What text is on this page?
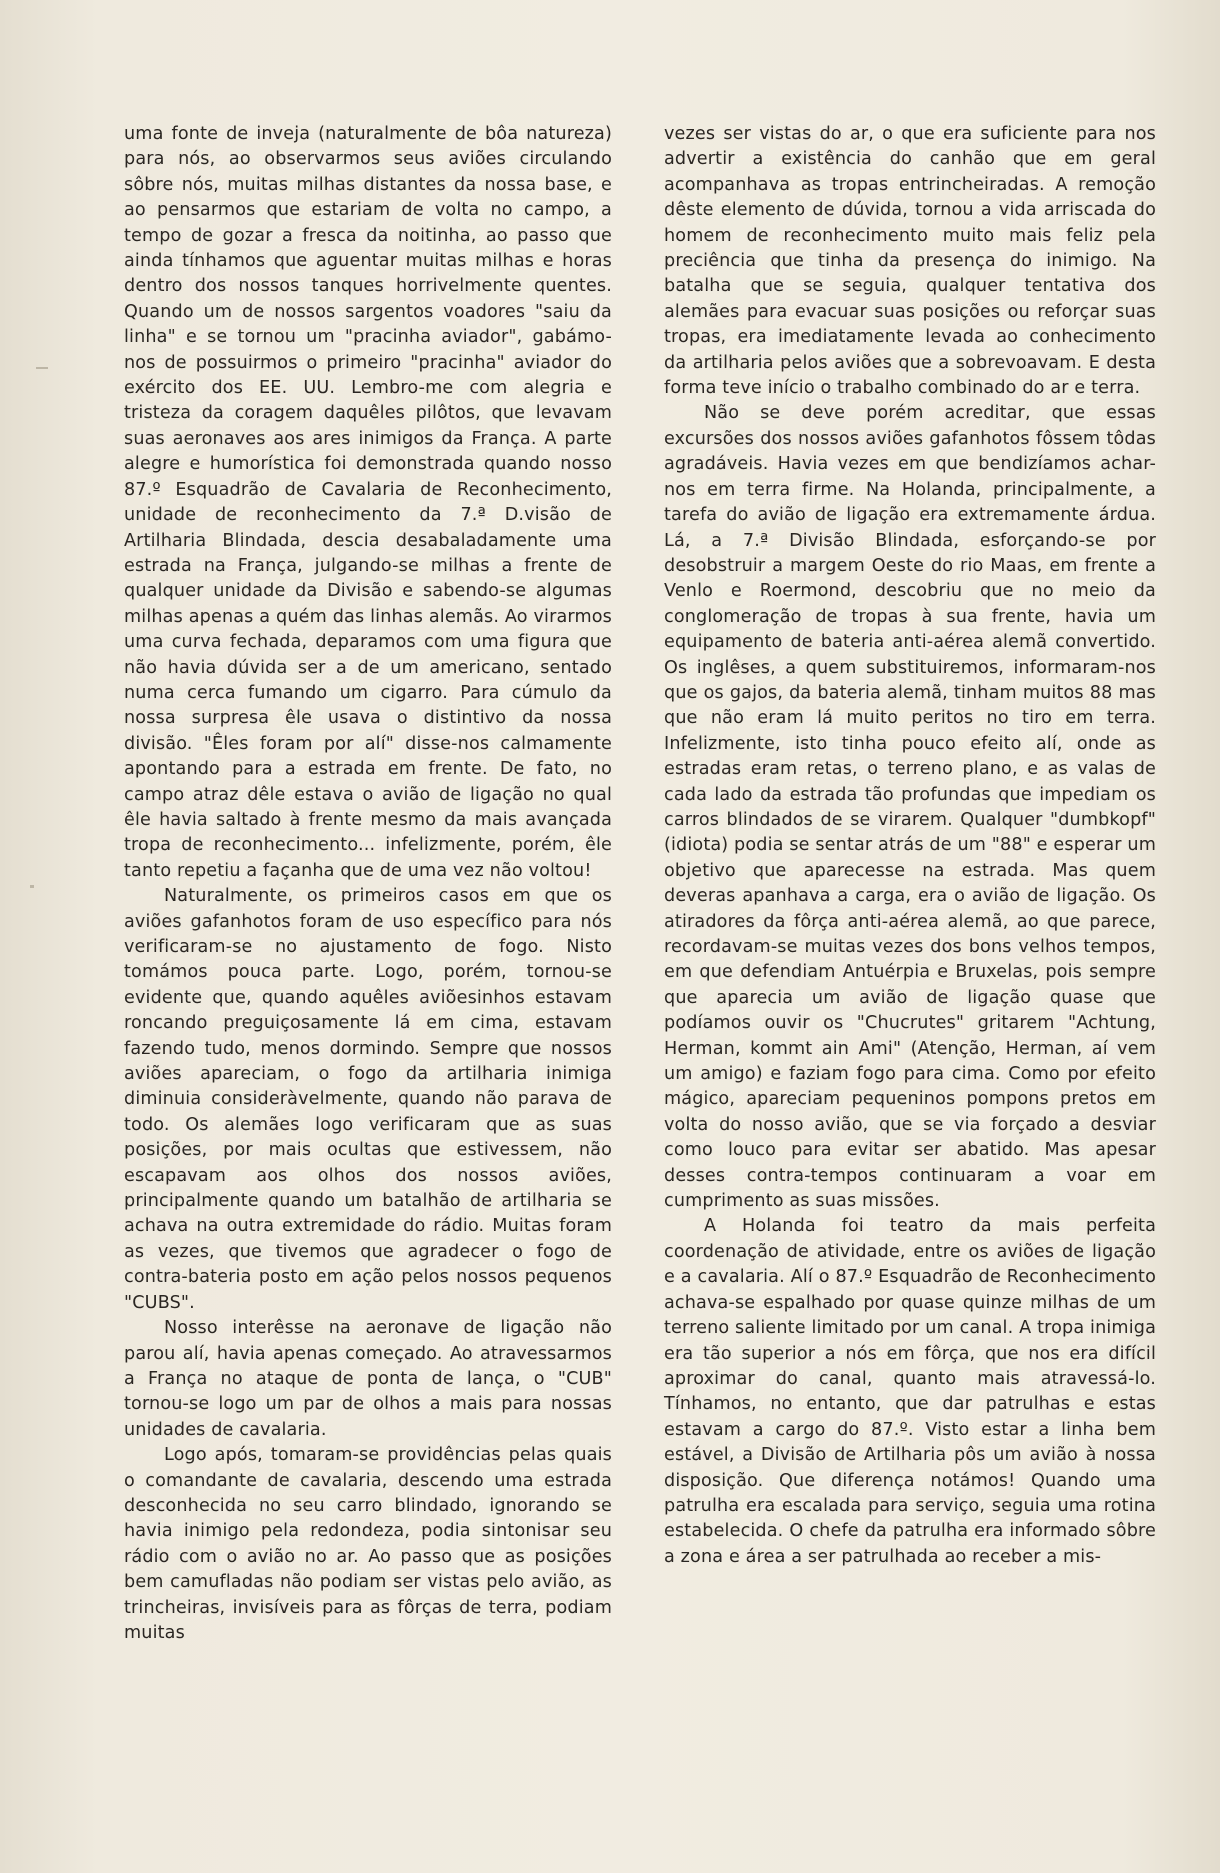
uma fonte de inveja (naturalmente de bôa natureza) para nós, ao observarmos seus aviões circulando sôbre nós, muitas milhas distantes da nossa base, e ao pensarmos que estariam de volta no campo, a tempo de gozar a fresca da noitinha, ao passo que ainda tínhamos que aguentar muitas milhas e horas dentro dos nossos tanques horrivelmente quentes. Quando um de nossos sargentos voadores "saiu da linha" e se tornou um "pracinha aviador", gabámo-nos de possuirmos o primeiro "pracinha" aviador do exército dos EE. UU. Lembro-me com alegria e tristeza da coragem daquêles pilôtos, que levavam suas aeronaves aos ares inimigos da França. A parte alegre e humorística foi demonstrada quando nosso 87.º Esquadrão de Cavalaria de Reconhecimento, unidade de reconhecimento da 7.ª D.visão de Artilharia Blindada, descia desabaladamente uma estrada na França, julgando-se milhas a frente de qualquer unidade da Divisão e sabendo-se algumas milhas apenas a quém das linhas alemãs. Ao virarmos uma curva fechada, deparamos com uma figura que não havia dúvida ser a de um americano, sentado numa cerca fumando um cigarro. Para cúmulo da nossa surpresa êle usava o distintivo da nossa divisão. "Êles foram por alí" disse-nos calmamente apontando para a estrada em frente. De fato, no campo atraz dêle estava o avião de ligação no qual êle havia saltado à frente mesmo da mais avançada tropa de reconhecimento... infelizmente, porém, êle tanto repetiu a façanha que de uma vez não voltou!

Naturalmente, os primeiros casos em que os aviões gafanhotos foram de uso específico para nós verificaram-se no ajustamento de fogo. Nisto tomámos pouca parte. Logo, porém, tornou-se evidente que, quando aquêles aviõesinhos estavam roncando preguiçosamente lá em cima, estavam fazendo tudo, menos dormindo. Sempre que nossos aviões apareciam, o fogo da artilharia inimiga diminuia consideràvelmente, quando não parava de todo. Os alemães logo verificaram que as suas posições, por mais ocultas que estivessem, não escapavam aos olhos dos nossos aviões, principalmente quando um batalhão de artilharia se achava na outra extremidade do rádio. Muitas foram as vezes, que tivemos que agradecer o fogo de contra-bateria posto em ação pelos nossos pequenos "CUBS".

Nosso interêsse na aeronave de ligação não parou alí, havia apenas começado. Ao atravessarmos a França no ataque de ponta de lança, o "CUB" tornou-se logo um par de olhos a mais para nossas unidades de cavalaria.

Logo após, tomaram-se providências pelas quais o comandante de cavalaria, descendo uma estrada desconhecida no seu carro blindado, ignorando se havia inimigo pela redondeza, podia sintonisar seu rádio com o avião no ar. Ao passo que as posições bem camufladas não podiam ser vistas pelo avião, as trincheiras, invisíveis para as fôrças de terra, podiam muitas

vezes ser vistas do ar, o que era suficiente para nos advertir a existência do canhão que em geral acompanhava as tropas entrincheiradas. A remoção dêste elemento de dúvida, tornou a vida arriscada do homem de reconhecimento muito mais feliz pela preciência que tinha da presença do inimigo. Na batalha que se seguia, qualquer tentativa dos alemães para evacuar suas posições ou reforçar suas tropas, era imediatamente levada ao conhecimento da artilharia pelos aviões que a sobrevoavam. E desta forma teve início o trabalho combinado do ar e terra.

Não se deve porém acreditar, que essas excursões dos nossos aviões gafanhotos fôssem tôdas agradáveis. Havia vezes em que bendizíamos achar-nos em terra firme. Na Holanda, principalmente, a tarefa do avião de ligação era extremamente árdua. Lá, a 7.ª Divisão Blindada, esforçando-se por desobstruir a margem Oeste do rio Maas, em frente a Venlo e Roermond, descobriu que no meio da conglomeração de tropas à sua frente, havia um equipamento de bateria anti-aérea alemã convertido. Os inglêses, a quem substituiremos, informaram-nos que os gajos, da bateria alemã, tinham muitos 88 mas que não eram lá muito peritos no tiro em terra. Infelizmente, isto tinha pouco efeito alí, onde as estradas eram retas, o terreno plano, e as valas de cada lado da estrada tão profundas que impediam os carros blindados de se virarem. Qualquer "dumbkopf" (idiota) podia se sentar atrás de um "88" e esperar um objetivo que aparecesse na estrada. Mas quem deveras apanhava a carga, era o avião de ligação. Os atiradores da fôrça anti-aérea alemã, ao que parece, recordavam-se muitas vezes dos bons velhos tempos, em que defendiam Antuérpia e Bruxelas, pois sempre que aparecia um avião de ligação quase que podíamos ouvir os "Chucrutes" gritarem "Achtung, Herman, kommt ain Ami" (Atenção, Herman, aí vem um amigo) e faziam fogo para cima. Como por efeito mágico, apareciam pequeninos pompons pretos em volta do nosso avião, que se via forçado a desviar como louco para evitar ser abatido. Mas apesar desses contra-tempos continuaram a voar em cumprimento as suas missões.

A Holanda foi teatro da mais perfeita coordenação de atividade, entre os aviões de ligação e a cavalaria. Alí o 87.º Esquadrão de Reconhecimento achava-se espalhado por quase quinze milhas de um terreno saliente limitado por um canal. A tropa inimiga era tão superior a nós em fôrça, que nos era difícil aproximar do canal, quanto mais atravessá-lo. Tínhamos, no entanto, que dar patrulhas e estas estavam a cargo do 87.º. Visto estar a linha bem estável, a Divisão de Artilharia pôs um avião à nossa disposição. Que diferença notámos! Quando uma patrulha era escalada para serviço, seguia uma rotina estabelecida. O chefe da patrulha era informado sôbre a zona e área a ser patrulhada ao receber a mis-
